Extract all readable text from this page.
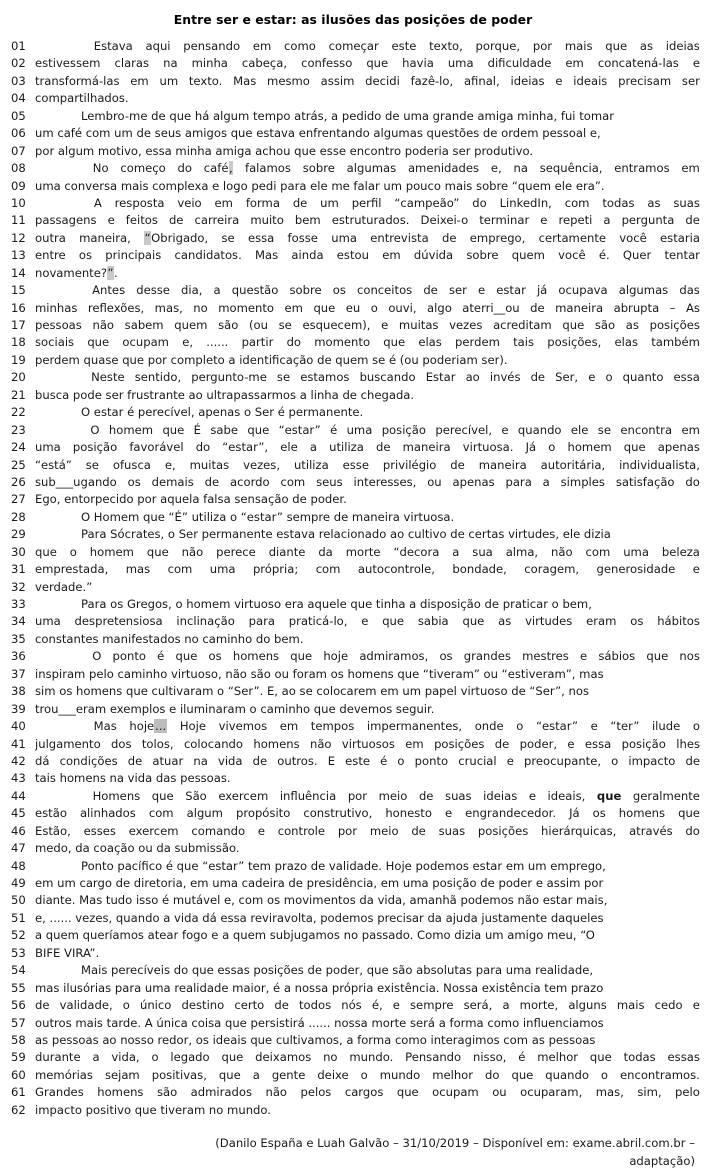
Entre ser e estar: as ilusões das posições de poder
01	Estava aqui pensando em como começar este texto, porque, por mais que as ideias
02 estivessem claras na minha cabeça, confesso que havia uma dificuldade em concatená-las e
03 transformá-las em um texto. Mas mesmo assim decidi fazê-lo, afinal, ideias e ideais precisam ser
04 compartilhados.
05	Lembro-me de que há algum tempo atrás, a pedido de uma grande amiga minha, fui tomar
06 um café com um de seus amigos que estava enfrentando algumas questões de ordem pessoal e,
07 por algum motivo, essa minha amiga achou que esse encontro poderia ser produtivo.
08	No começo do café, falamos sobre algumas amenidades e, na sequência, entramos em
09 uma conversa mais complexa e logo pedi para ele me falar um pouco mais sobre “quem ele era”.
10	A resposta veio em forma de um perfil “campeão” do LinkedIn, com todas as suas
11 passagens e feitos de carreira muito bem estruturados. Deixei-o terminar e repeti a pergunta de
12 outra maneira, “Obrigado, se essa fosse uma entrevista de emprego, certamente você estaria
13 entre os principais candidatos. Mas ainda estou em dúvida sobre quem você é. Quer tentar
14 novamente?”.
15	Antes desse dia, a questão sobre os conceitos de ser e estar já ocupava algumas das
16 minhas reflexões, mas, no momento em que eu o ouvi, algo aterri__ou de maneira abrupta – As
17 pessoas não sabem quem são (ou se esquecem), e muitas vezes acreditam que são as posições
18 sociais que ocupam e, ...... partir do momento que elas perdem tais posições, elas também
19 perdem quase que por completo a identificação de quem se é (ou poderiam ser).
20	Neste sentido, pergunto-me se estamos buscando Estar ao invés de Ser, e o quanto essa
21 busca pode ser frustrante ao ultrapassarmos a linha de chegada.
22	O estar é perecível, apenas o Ser é permanente.
23	O homem que É sabe que “estar” é uma posição perecível, e quando ele se encontra em
24 uma posição favorável do “estar”, ele a utiliza de maneira virtuosa. Já o homem que apenas
25 “está” se ofusca e, muitas vezes, utiliza esse privilégio de maneira autoritária, individualista,
26 sub___ugando os demais de acordo com seus interesses, ou apenas para a simples satisfação do
27 Ego, entorpecido por aquela falsa sensação de poder.
28	O Homem que “É” utiliza o “estar” sempre de maneira virtuosa.
29	Para Sócrates, o Ser permanente estava relacionado ao cultivo de certas virtudes, ele dizia
30 que o homem que não perece diante da morte “decora a sua alma, não com uma beleza
31 emprestada, mas com uma própria; com autocontrole, bondade, coragem, generosidade e
32 verdade.”
33	Para os Gregos, o homem virtuoso era aquele que tinha a disposição de praticar o bem,
34 uma despretensiosa inclinação para praticá-lo, e que sabia que as virtudes eram os hábitos
35 constantes manifestados no caminho do bem.
36	O ponto é que os homens que hoje admiramos, os grandes mestres e sábios que nos
37 inspiram pelo caminho virtuoso, não são ou foram os homens que “tiveram” ou “estiveram”, mas
38 sim os homens que cultivaram o “Ser”. E, ao se colocarem em um papel virtuoso de “Ser”, nos
39 trou___eram exemplos e iluminaram o caminho que devemos seguir.
40	Mas hoje... Hoje vivemos em tempos impermanentes, onde o “estar” e “ter” ilude o
41 julgamento dos tolos, colocando homens não virtuosos em posições de poder, e essa posição lhes
42 dá condições de atuar na vida de outros. E este é o ponto crucial e preocupante, o impacto de
43 tais homens na vida das pessoas.
44	Homens que São exercem influência por meio de suas ideias e ideais, que geralmente
45 estão alinhados com algum propósito construtivo, honesto e engrandecedor. Já os homens que
46 Estão, esses exercem comando e controle por meio de suas posições hierárquicas, através do
47 medo, da coação ou da submissão.
48	Ponto pacífico é que “estar” tem prazo de validade. Hoje podemos estar em um emprego,
49 em um cargo de diretoria, em uma cadeira de presidência, em uma posição de poder e assim por
50 diante. Mas tudo isso é mutável e, com os movimentos da vida, amanhã podemos não estar mais,
51 e, ...... vezes, quando a vida dá essa reviravolta, podemos precisar da ajuda justamente daqueles
52 a quem queríamos atear fogo e a quem subjugamos no passado. Como dizia um amigo meu, “O
53 BIFE VIRA”.
54	Mais perecíveis do que essas posições de poder, que são absolutas para uma realidade,
55 mas ilusórias para uma realidade maior, é a nossa própria existência. Nossa existência tem prazo
56 de validade, o único destino certo de todos nós é, e sempre será, a morte, alguns mais cedo e
57 outros mais tarde. A única coisa que persistirá ...... nossa morte será a forma como influenciamos
58 as pessoas ao nosso redor, os ideais que cultivamos, a forma como interagimos com as pessoas
59 durante a vida, o legado que deixamos no mundo. Pensando nisso, é melhor que todas essas
60 memórias sejam positivas, que a gente deixe o mundo melhor do que quando o encontramos.
61 Grandes homens são admirados não pelos cargos que ocupam ou ocuparam, mas, sim, pelo
62 impacto positivo que tiveram no mundo.
(Danilo España e Luah Galvão – 31/10/2019 – Disponível em: exame.abril.com.br –
adaptação)
